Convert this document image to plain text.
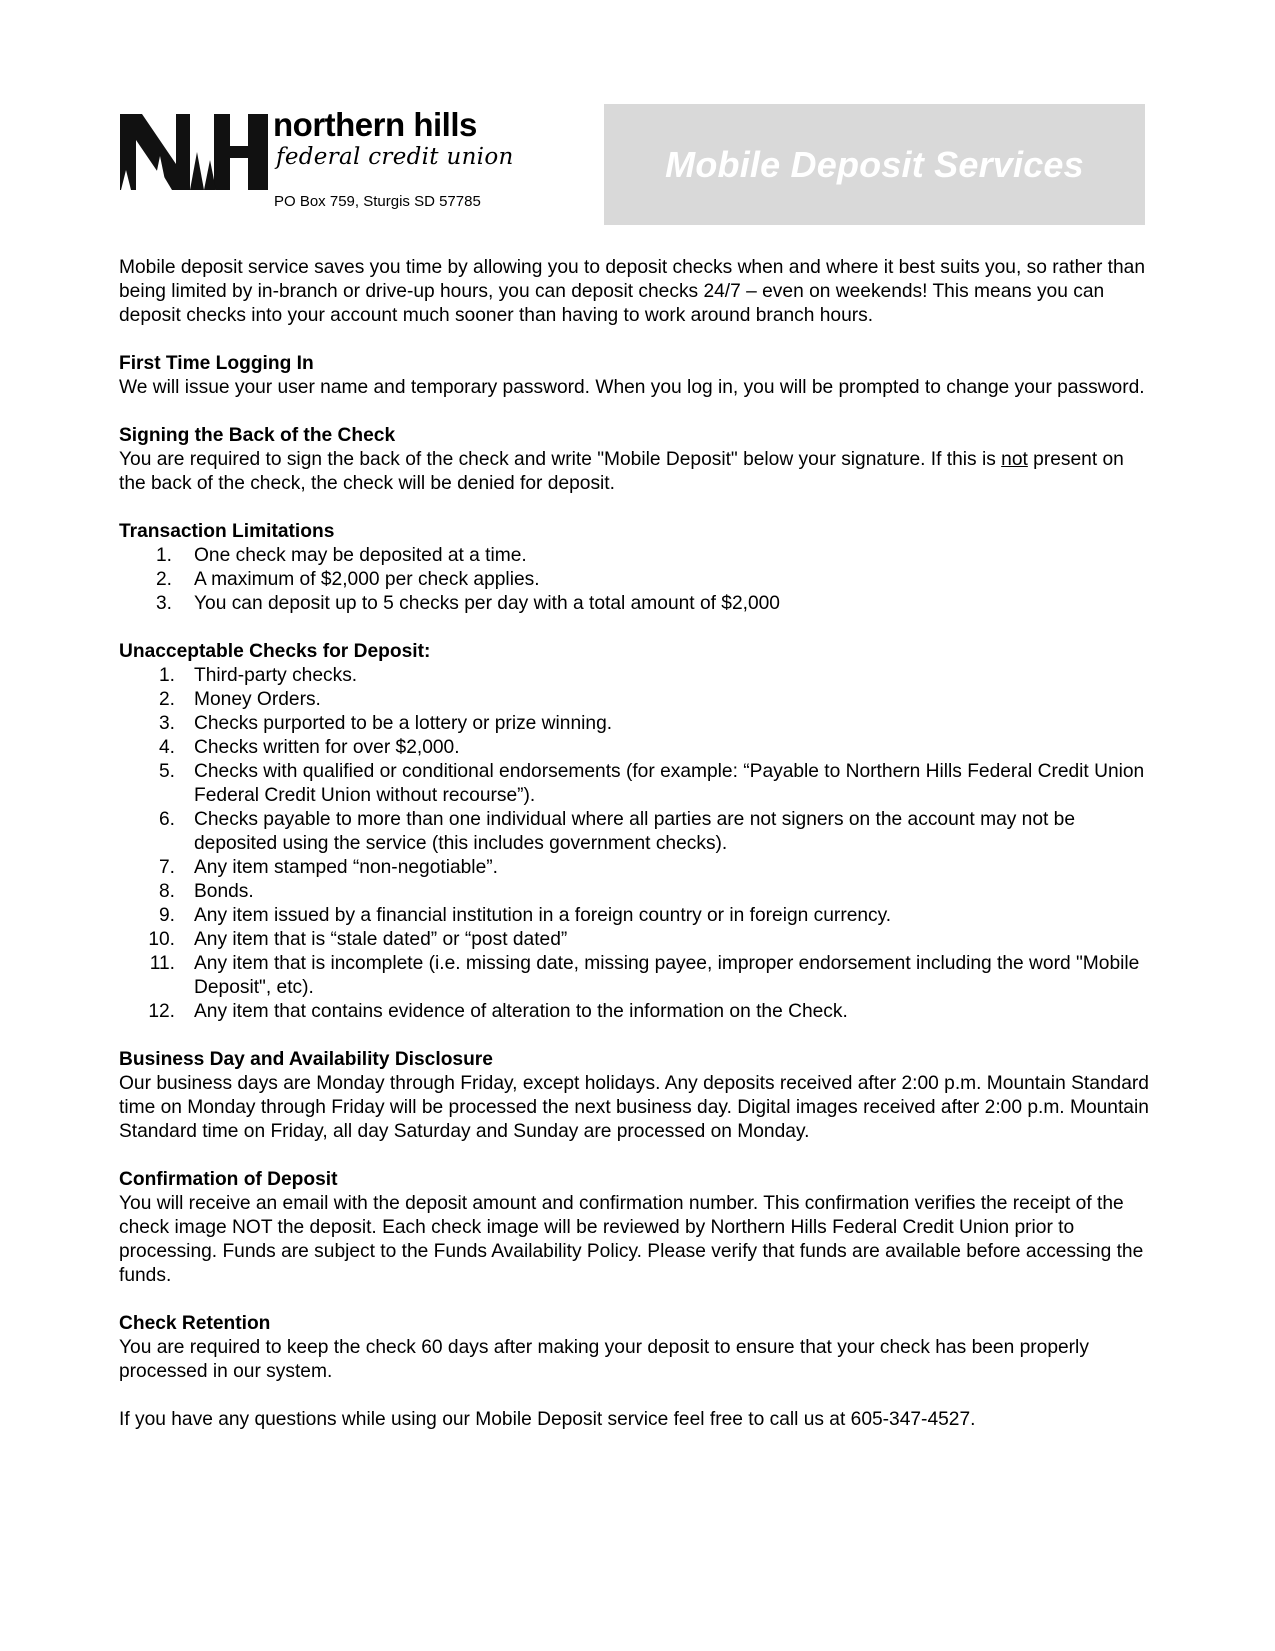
northern hills
federal credit union
PO Box 759, Sturgis SD 57785
Mobile Deposit Services

Mobile deposit service saves you time by allowing you to deposit checks when and where it best suits you, so rather than being limited by in-branch or drive-up hours, you can deposit checks 24/7 – even on weekends! This means you can deposit checks into your account much sooner than having to work around branch hours.

First Time Logging In

We will issue your user name and temporary password. When you log in, you will be prompted to change your password.

Signing the Back of the Check

You are required to sign the back of the check and write "Mobile Deposit" below your signature. If this is not present on the back of the check, the check will be denied for deposit.

Transaction Limitations

1. One check may be deposited at a time.
2. A maximum of $2,000 per check applies.
3. You can deposit up to 5 checks per day with a total amount of $2,000

Unacceptable Checks for Deposit:

1. Third-party checks.
2. Money Orders.
3. Checks purported to be a lottery or prize winning.
4. Checks written for over $2,000.
5. Checks with qualified or conditional endorsements (for example: “Payable to Northern Hills Federal Credit Union Federal Credit Union without recourse”).
6. Checks payable to more than one individual where all parties are not signers on the account may not be deposited using the service (this includes government checks).
7. Any item stamped “non-negotiable”.
8. Bonds.
9. Any item issued by a financial institution in a foreign country or in foreign currency.
10. Any item that is “stale dated” or “post dated”
11. Any item that is incomplete (i.e. missing date, missing payee, improper endorsement including the word "Mobile Deposit", etc).
12. Any item that contains evidence of alteration to the information on the Check.

Business Day and Availability Disclosure

Our business days are Monday through Friday, except holidays. Any deposits received after 2:00 p.m. Mountain Standard time on Monday through Friday will be processed the next business day. Digital images received after 2:00 p.m. Mountain Standard time on Friday, all day Saturday and Sunday are processed on Monday.

Confirmation of Deposit

You will receive an email with the deposit amount and confirmation number. This confirmation verifies the receipt of the check image NOT the deposit. Each check image will be reviewed by Northern Hills Federal Credit Union prior to processing. Funds are subject to the Funds Availability Policy. Please verify that funds are available before accessing the funds.

Check Retention

You are required to keep the check 60 days after making your deposit to ensure that your check has been properly processed in our system.

If you have any questions while using our Mobile Deposit service feel free to call us at 605-347-4527.
